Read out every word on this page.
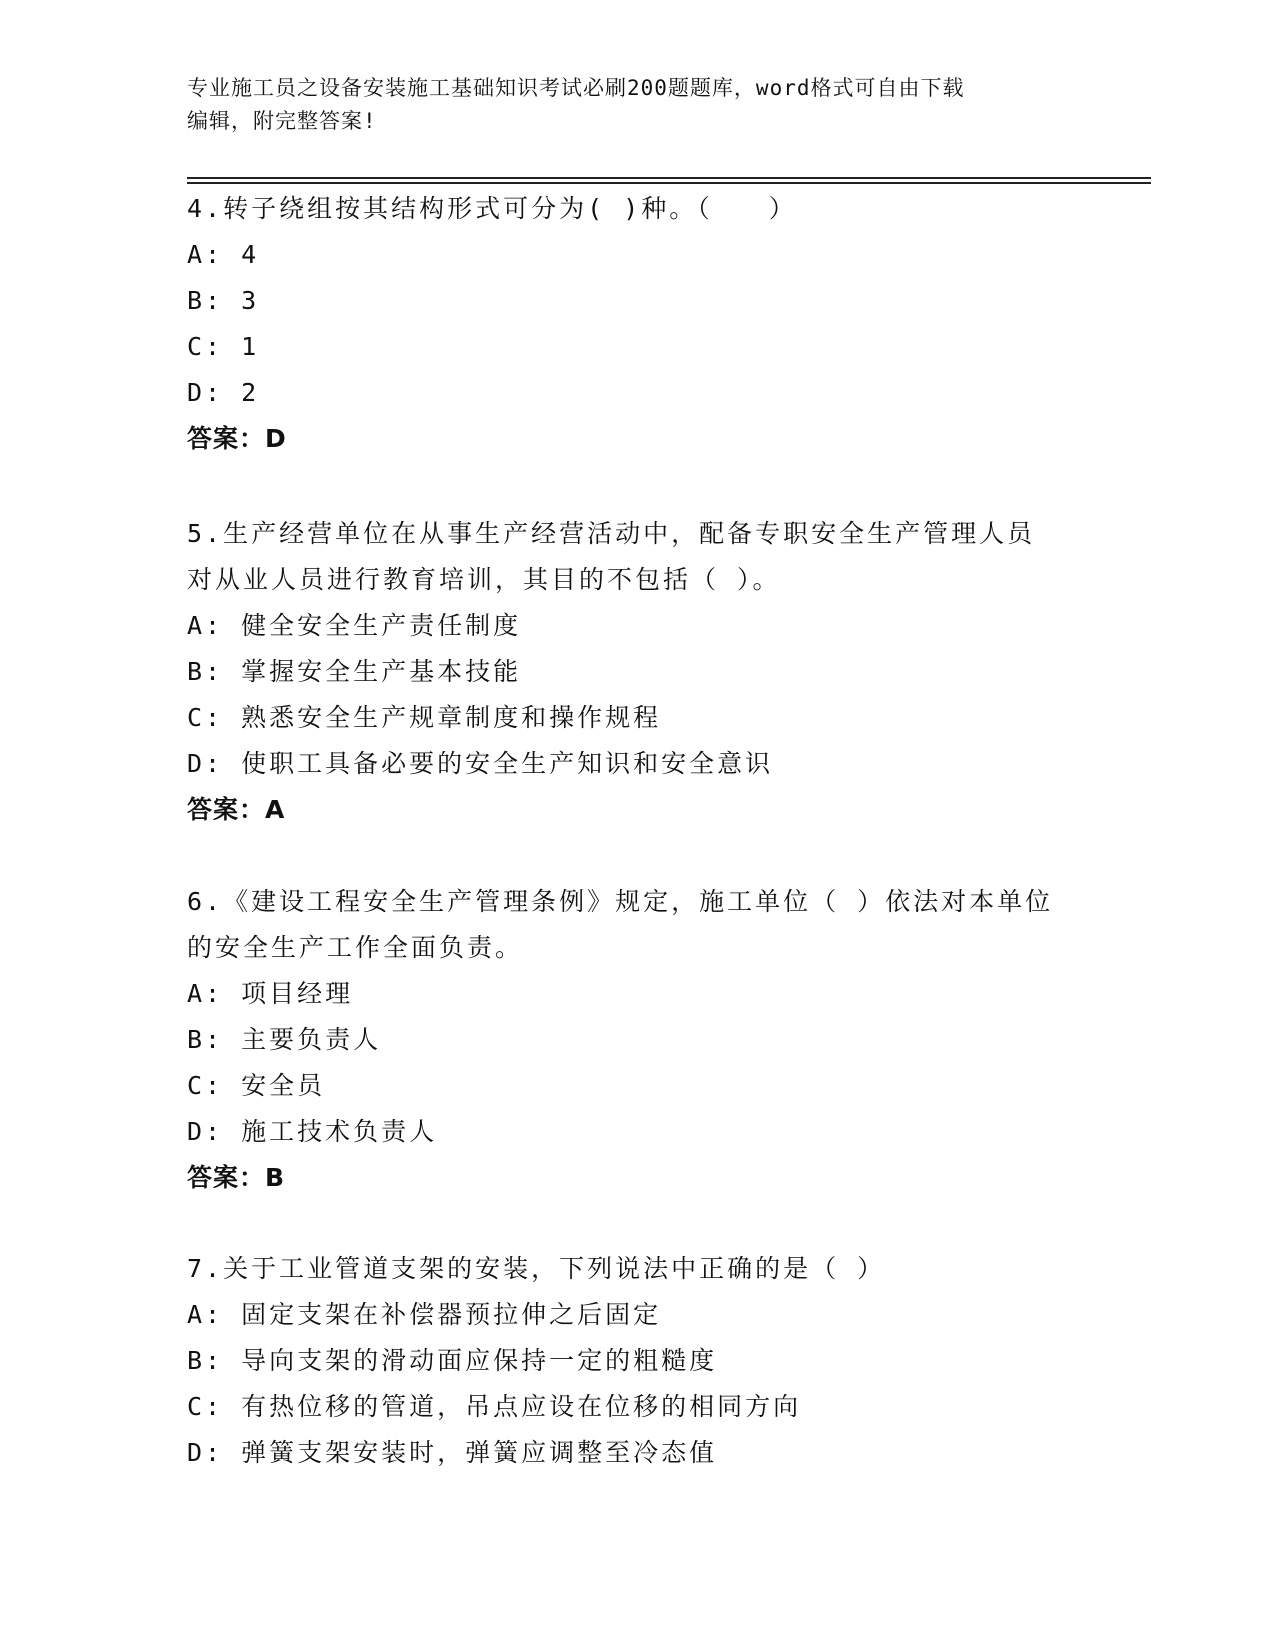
专业施工员之设备安装施工基础知识考试必刷200题题库，word格式可自由下载
编辑，附完整答案!
4.转子绕组按其结构形式可分为( )种。（　　）
A: 4
B: 3
C: 1
D: 2
答案：D
5.生产经营单位在从事生产经营活动中，配备专职安全生产管理人员
对从业人员进行教育培训，其目的不包括（ ）。
A: 健全安全生产责任制度
B: 掌握安全生产基本技能
C: 熟悉安全生产规章制度和操作规程
D: 使职工具备必要的安全生产知识和安全意识
答案：A
6.《建设工程安全生产管理条例》规定，施工单位（ ）依法对本单位
的安全生产工作全面负责。
A: 项目经理
B: 主要负责人
C: 安全员
D: 施工技术负责人
答案：B
7.关于工业管道支架的安装，下列说法中正确的是（ ）
A: 固定支架在补偿器预拉伸之后固定
B: 导向支架的滑动面应保持一定的粗糙度
C: 有热位移的管道，吊点应设在位移的相同方向
D: 弹簧支架安装时，弹簧应调整至冷态值
